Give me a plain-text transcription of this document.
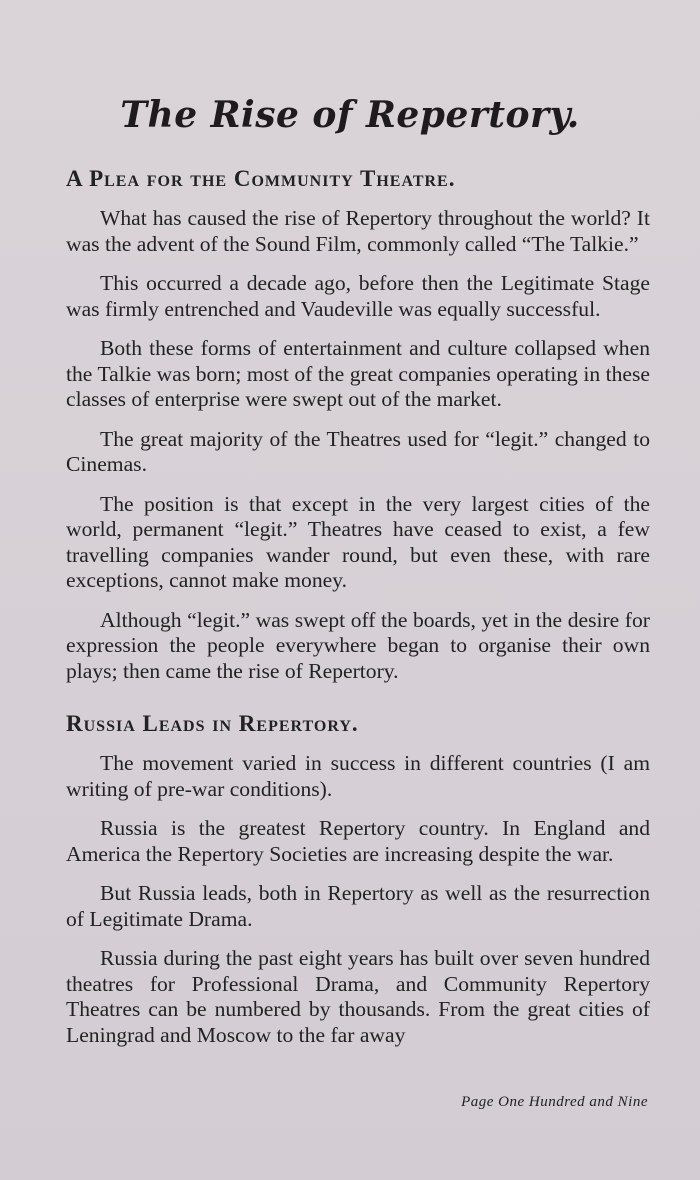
The Rise of Repertory.
A Plea for the Community Theatre.

What has caused the rise of Repertory throughout the world? It was the advent of the Sound Film, commonly called “The Talkie.”

This occurred a decade ago, before then the Legitimate Stage was firmly entrenched and Vaudeville was equally successful.

Both these forms of entertainment and culture collapsed when the Talkie was born; most of the great companies operating in these classes of enterprise were swept out of the market.

The great majority of the Theatres used for “legit.” changed to Cinemas.

The position is that except in the very largest cities of the world, permanent “legit.” Theatres have ceased to exist, a few travelling companies wander round, but even these, with rare exceptions, cannot make money.

Although “legit.” was swept off the boards, yet in the desire for expression the people everywhere began to organise their own plays; then came the rise of Repertory.

Russia Leads in Repertory.

The movement varied in success in different countries (I am writing of pre-war conditions).

Russia is the greatest Repertory country. In England and America the Repertory Societies are increasing despite the war.

But Russia leads, both in Repertory as well as the resurrection of Legitimate Drama.

Russia during the past eight years has built over seven hundred theatres for Professional Drama, and Community Repertory Theatres can be numbered by thousands. From the great cities of Leningrad and Moscow to the far away

Page One Hundred and Nine
